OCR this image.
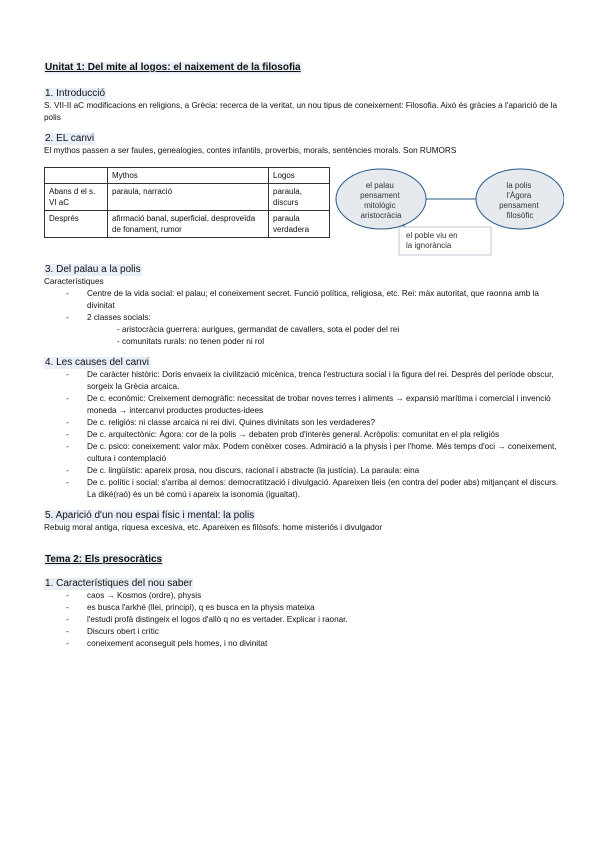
Unitat 1: Del mite al logos: el naixement de la filosofia
1. Introducció

S. VII-II aC modificacions en religions, a Grècia: recerca de la veritat, un nou tipus de coneixement: Filosofia. Això és gràcies a l'aparició de la polis

2. EL canvi

El mythos passen a ser faules, genealogies, contes infantils, proverbis, morals, sentències morals. Son RUMORS

	Mythos	Logos
Abans d el s. VI aC	paraula, narració	paraula, discurs
Després	afirmació banal, superficial, desproveïda de fonament, rumor	paraula verdadera
el palau pensament mitològic aristocràcia
la polis l'Àgora pensament filosòfic
el poble viu en la ignorància
3. Del palau a la polis

Característiques

- Centre de la vida social: el palau; el coneixement secret. Funció política, religiosa, etc. Rei: màx autoritat, que raonna amb la divinitat
- 2 classes socials:
- aristocràcia guerrera: aurigues, germandat de cavallers, sota el poder del rei
- comunitats rurals: no tenen poder ni rol
4. Les causes del canvi
- De caràcter històric: Doris envaeix la civilització micènica, trenca l'estructura social i la figura del rei. Després del període obscur, sorgeix la Grècia arcaica.
- De c. econòmic: Creixement demogràfic: necessitat de trobar noves terres i aliments → expansió marítima i comercial i invenció moneda → intercanvi productes productes-idees
- De c. religiós: ni classe arcaica ni rei diví. Quines divinitats son les verdaderes?
- De c. arquitectònic: Àgora: cor de la polis → debaten prob d'interès general. Acròpolis: comunitat en el pla religiós
- De c. psico: coneixement: valor màx. Podem conèixer coses. Admiració a la physis i per l'home. Més temps d'oci → coneixement, cultura i contemplació
- De c. lingüístic: apareix prosa, nou discurs, racional i abstracte (la justícia). La paraula: eina
- De c. polític i social: s'arriba al demos: democratització i divulgació. Apareixen lleis (en contra del poder abs) mitjançant el discurs. La diké(raó) és un bé comú i apareix la isonomia (igualtat).
5. Aparició d'un nou espai físic i mental: la polis

Rebuig moral antiga, riquesa excesiva, etc. Apareixen es filòsofs: home misteriós i divulgador

Tema 2: Els presocràtics
1. Característiques del nou saber
- caos → Kosmos (ordre), physis
- es busca l'arkhé (llei, principi), q es busca en la physis mateixa
- l'estudi profà distingeix el logos d'allò q no es vertader. Explicar i raonar.
- Discurs obert i crític
- coneixement aconseguit pels homes, i no divinitat
